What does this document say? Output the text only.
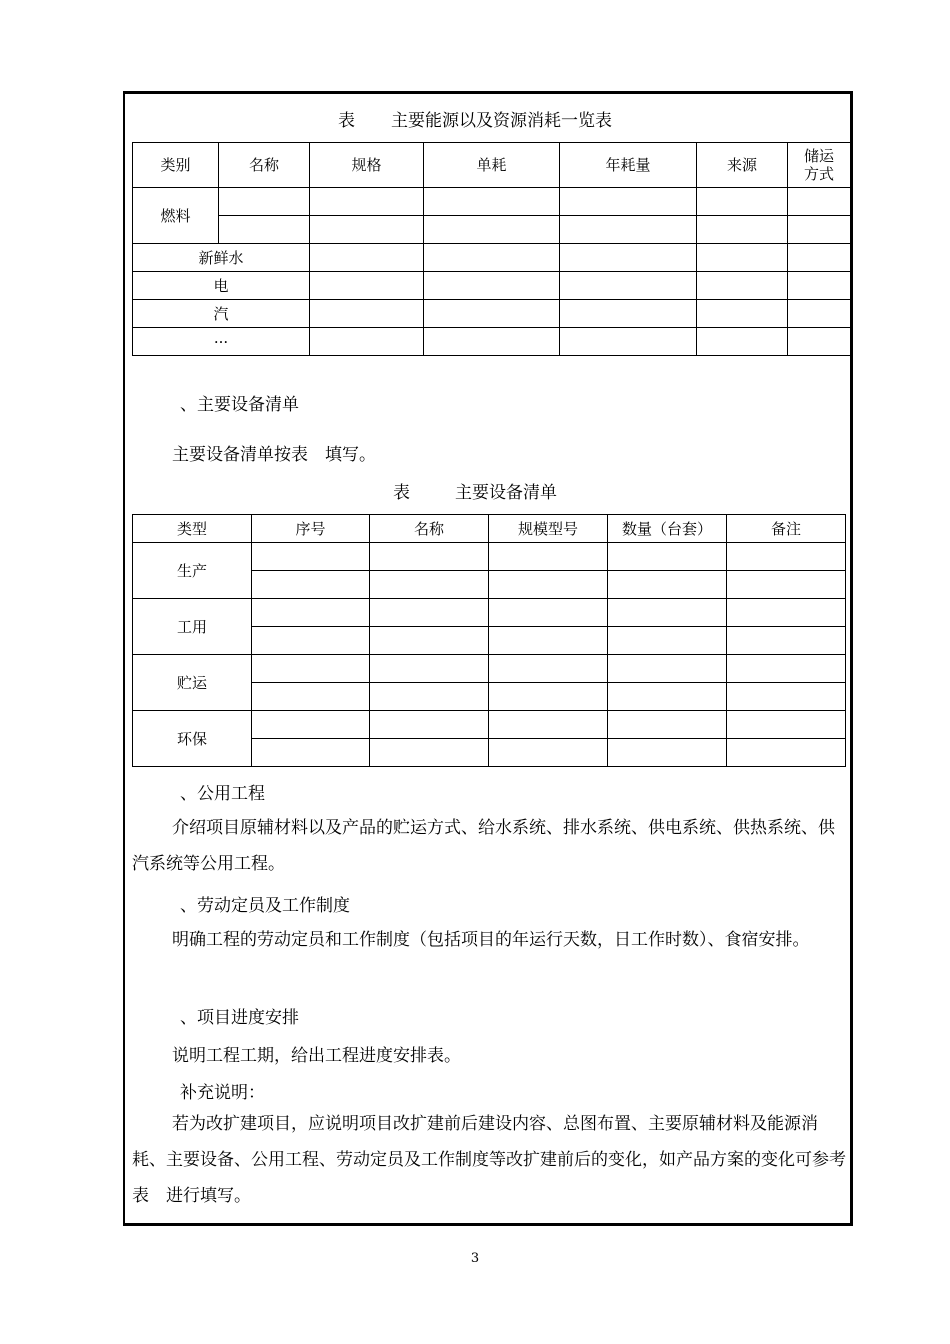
表 主要能源以及资源消耗一览表
类别	名称	规格	单耗	年耗量	来源	储运
方式
燃料						

新鲜水						
电						
汽						
···						
、主要设备清单
主要设备清单按表　填写。
表	主要设备清单
类型	序号	名称	规模型号	数量（台套）	备注
生产					

工用					

贮运					

环保					

、公用工程
介绍项目原辅材料以及产品的贮运方式、给水系统、排水系统、供电系统、供热系统、供汽系统等公用工程。
、劳动定员及工作制度
明确工程的劳动定员和工作制度（包括项目的年运行天数，日工作时数）、食宿安排。
、项目进度安排
说明工程工期，给出工程进度安排表。
补充说明：
若为改扩建项目，应说明项目改扩建前后建设内容、总图布置、主要原辅材料及能源消耗、主要设备、公用工程、劳动定员及工作制度等改扩建前后的变化，如产品方案的变化可参考表　进行填写。
3
